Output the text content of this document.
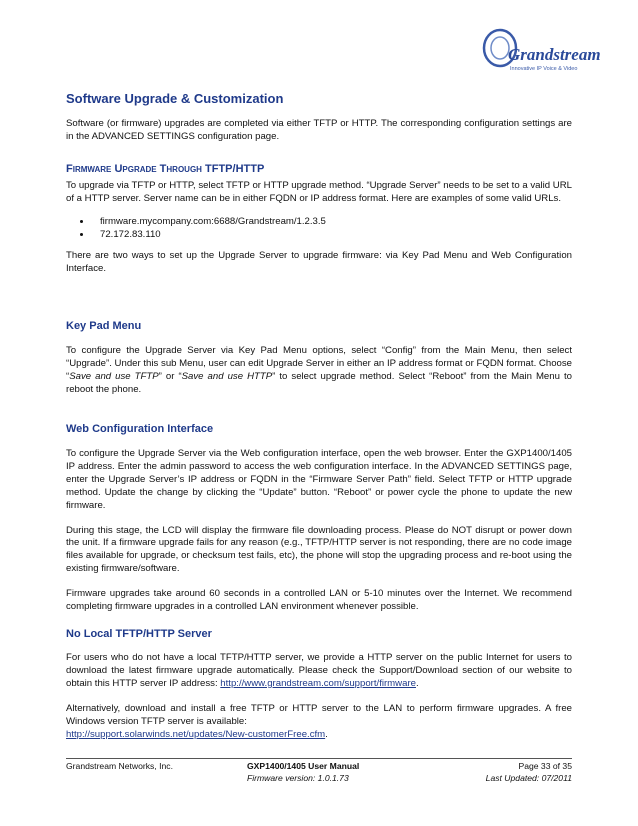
Grandstream
Innovative IP Voice & Video
Software Upgrade & Customization

Software (or firmware) upgrades are completed via either TFTP or HTTP. The corresponding configuration settings are in the ADVANCED SETTINGS configuration page.

Firmware Upgrade Through TFTP/HTTP

To upgrade via TFTP or HTTP, select TFTP or HTTP upgrade method. “Upgrade Server” needs to be set to a valid URL of a HTTP server. Server name can be in either FQDN or IP address format. Here are examples of some valid URLs.

• firmware.mycompany.com:6688/Grandstream/1.2.3.5
• 72.172.83.110

There are two ways to set up the Upgrade Server to upgrade firmware: via Key Pad Menu and Web Configuration Interface.

Key Pad Menu

To configure the Upgrade Server via Key Pad Menu options, select “Config” from the Main Menu, then select “Upgrade”. Under this sub Menu, user can edit Upgrade Server in either an IP address format or FQDN format. Choose “Save and use TFTP” or “Save and use HTTP” to select upgrade method. Select “Reboot” from the Main Menu to reboot the phone.

Web Configuration Interface

To configure the Upgrade Server via the Web configuration interface, open the web browser. Enter the GXP1400/1405 IP address. Enter the admin password to access the web configuration interface. In the ADVANCED SETTINGS page, enter the Upgrade Server’s IP address or FQDN in the “Firmware Server Path” field. Select TFTP or HTTP upgrade method. Update the change by clicking the “Update” button. “Reboot” or power cycle the phone to update the new firmware.

During this stage, the LCD will display the firmware file downloading process. Please do NOT disrupt or power down the unit. If a firmware upgrade fails for any reason (e.g., TFTP/HTTP server is not responding, there are no code image files available for upgrade, or checksum test fails, etc), the phone will stop the upgrading process and re-boot using the existing firmware/software.

Firmware upgrades take around 60 seconds in a controlled LAN or 5-10 minutes over the Internet. We recommend completing firmware upgrades in a controlled LAN environment whenever possible.

No Local TFTP/HTTP Server

For users who do not have a local TFTP/HTTP server, we provide a HTTP server on the public Internet for users to download the latest firmware upgrade automatically. Please check the Support/Download section of our website to obtain this HTTP server IP address: http://www.grandstream.com/support/firmware.

Alternatively, download and install a free TFTP or HTTP server to the LAN to perform firmware upgrades. A free Windows version TFTP server is available:
http://support.solarwinds.net/updates/New-customerFree.cfm.

Grandstream Networks, Inc.	GXP1400/1405 User Manual
Firmware version: 1.0.1.73
Page 33 of 35
Last Updated: 07/2011
